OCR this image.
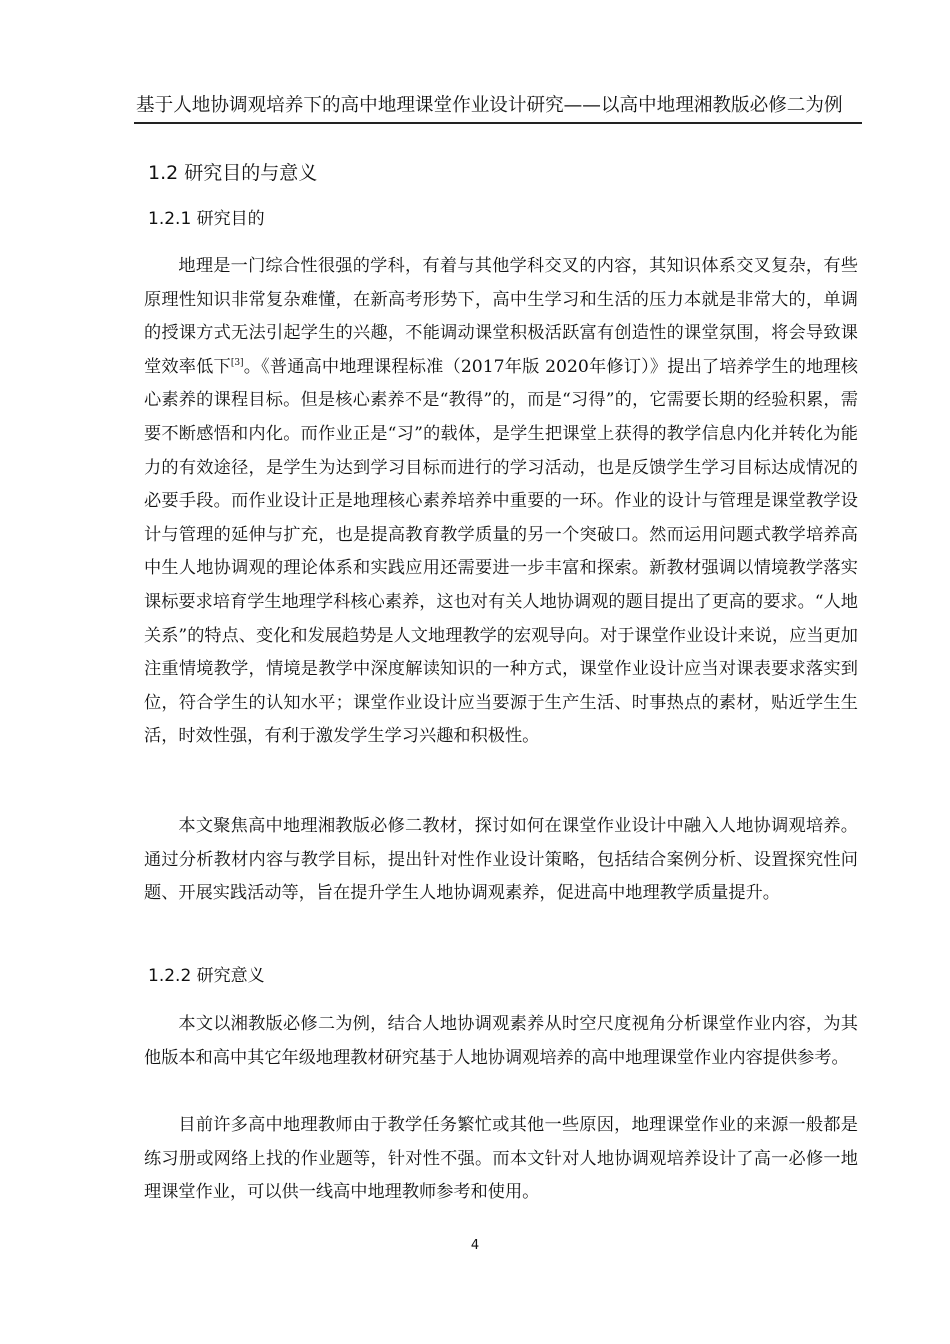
基于人地协调观培养下的高中地理课堂作业设计研究——以高中地理湘教版必修二为例
1.2 研究目的与意义
1.2.1 研究目的

地理是一门综合性很强的学科，有着与其他学科交叉的内容，其知识体系交叉复杂，有些原理性知识非常复杂难懂，在新高考形势下，高中生学习和生活的压力本就是非常大的，单调的授课方式无法引起学生的兴趣，不能调动课堂积极活跃富有创造性的课堂氛围，将会导致课堂效率低下[3]。《普通高中地理课程标准（2017年版 2020年修订）》提出了培养学生的地理核心素养的课程目标。但是核心素养不是“教得”的，而是“习得”的，它需要长期的经验积累，需要不断感悟和内化。而作业正是“习”的载体，是学生把课堂上获得的教学信息内化并转化为能力的有效途径，是学生为达到学习目标而进行的学习活动，也是反馈学生学习目标达成情况的必要手段。而作业设计正是地理核心素养培养中重要的一环。作业的设计与管理是课堂教学设计与管理的延伸与扩充，也是提高教育教学质量的另一个突破口。然而运用问题式教学培养高中生人地协调观的理论体系和实践应用还需要进一步丰富和探索。新教材强调以情境教学落实课标要求培育学生地理学科核心素养，这也对有关人地协调观的题目提出了更高的要求。“人地关系”的特点、变化和发展趋势是人文地理教学的宏观导向。对于课堂作业设计来说，应当更加注重情境教学，情境是教学中深度解读知识的一种方式，课堂作业设计应当对课表要求落实到位，符合学生的认知水平；课堂作业设计应当要源于生产生活、时事热点的素材，贴近学生生活，时效性强，有利于激发学生学习兴趣和积极性。

本文聚焦高中地理湘教版必修二教材，探讨如何在课堂作业设计中融入人地协调观培养。通过分析教材内容与教学目标，提出针对性作业设计策略，包括结合案例分析、设置探究性问题、开展实践活动等，旨在提升学生人地协调观素养，促进高中地理教学质量提升。

1.2.2 研究意义

本文以湘教版必修二为例，结合人地协调观素养从时空尺度视角分析课堂作业内容，为其他版本和高中其它年级地理教材研究基于人地协调观培养的高中地理课堂作业内容提供参考。

目前许多高中地理教师由于教学任务繁忙或其他一些原因，地理课堂作业的来源一般都是练习册或网络上找的作业题等，针对性不强。而本文针对人地协调观培养设计了高一必修一地理课堂作业，可以供一线高中地理教师参考和使用。

4
